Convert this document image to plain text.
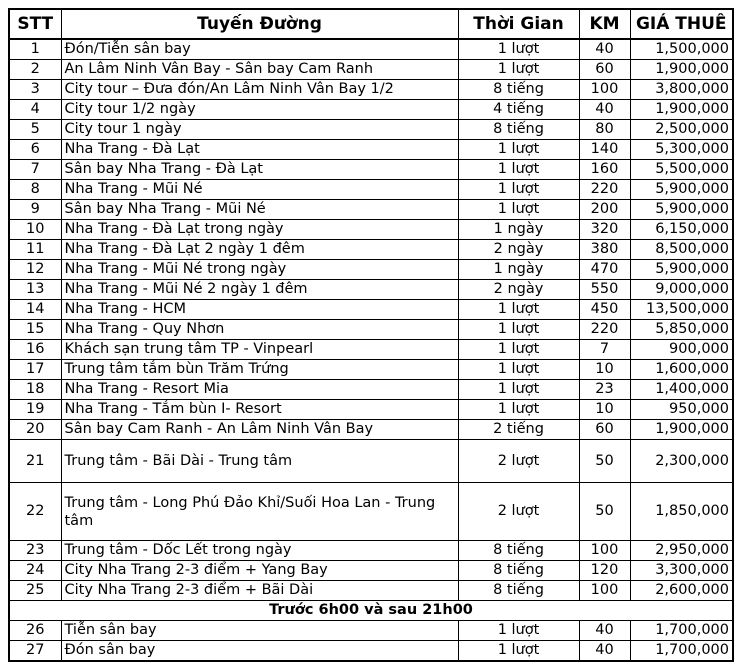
STT	Tuyến Đường	Thời Gian	KM	GIÁ THUÊ
1	Đón/Tiễn sân bay	1 lượt	40	1,500,000
2	An Lâm Ninh Vân Bay - Sân bay Cam Ranh	1 lượt	60	1,900,000
3	City tour – Đưa đón/An Lâm Ninh Vân Bay 1/2	8 tiếng	100	3,800,000
4	City tour 1/2 ngày	4 tiếng	40	1,900,000
5	City tour 1 ngày	8 tiếng	80	2,500,000
6	Nha Trang - Đà Lạt	1 lượt	140	5,300,000
7	Sân bay Nha Trang - Đà Lạt	1 lượt	160	5,500,000
8	Nha Trang - Mũi Né	1 lượt	220	5,900,000
9	Sân bay Nha Trang - Mũi Né	1 lượt	200	5,900,000
10	Nha Trang - Đà Lạt trong ngày	1 ngày	320	6,150,000
11	Nha Trang - Đà Lạt 2 ngày 1 đêm	2 ngày	380	8,500,000
12	Nha Trang - Mũi Né trong ngày	1 ngày	470	5,900,000
13	Nha Trang - Mũi Né 2 ngày 1 đêm	2 ngày	550	9,000,000
14	Nha Trang - HCM	1 lượt	450	13,500,000
15	Nha Trang - Quy Nhơn	1 lượt	220	5,850,000
16	Khách sạn trung tâm TP - Vinpearl	1 lượt	7	900,000
17	Trung tâm tắm bùn Trăm Trứng	1 lượt	10	1,600,000
18	Nha Trang - Resort Mia	1 lượt	23	1,400,000
19	Nha Trang - Tắm bùn I- Resort	1 lượt	10	950,000
20	Sân bay Cam Ranh - An Lâm Ninh Vân Bay	2 tiếng	60	1,900,000
21	Trung tâm - Bãi Dài - Trung tâm	2 lượt	50	2,300,000
22	Trung tâm - Long Phú Đảo Khỉ/Suối Hoa Lan - Trung tâm	2 lượt	50	1,850,000
23	Trung tâm - Dốc Lết trong ngày	8 tiếng	100	2,950,000
24	City Nha Trang 2-3 điểm + Yang Bay	8 tiếng	120	3,300,000
25	City Nha Trang 2-3 điểm + Bãi Dài	8 tiếng	100	2,600,000
Trước 6h00 và sau 21h00				
26	Tiễn sân bay	1 lượt	40	1,700,000
27	Đón sân bay	1 lượt	40	1,700,000
